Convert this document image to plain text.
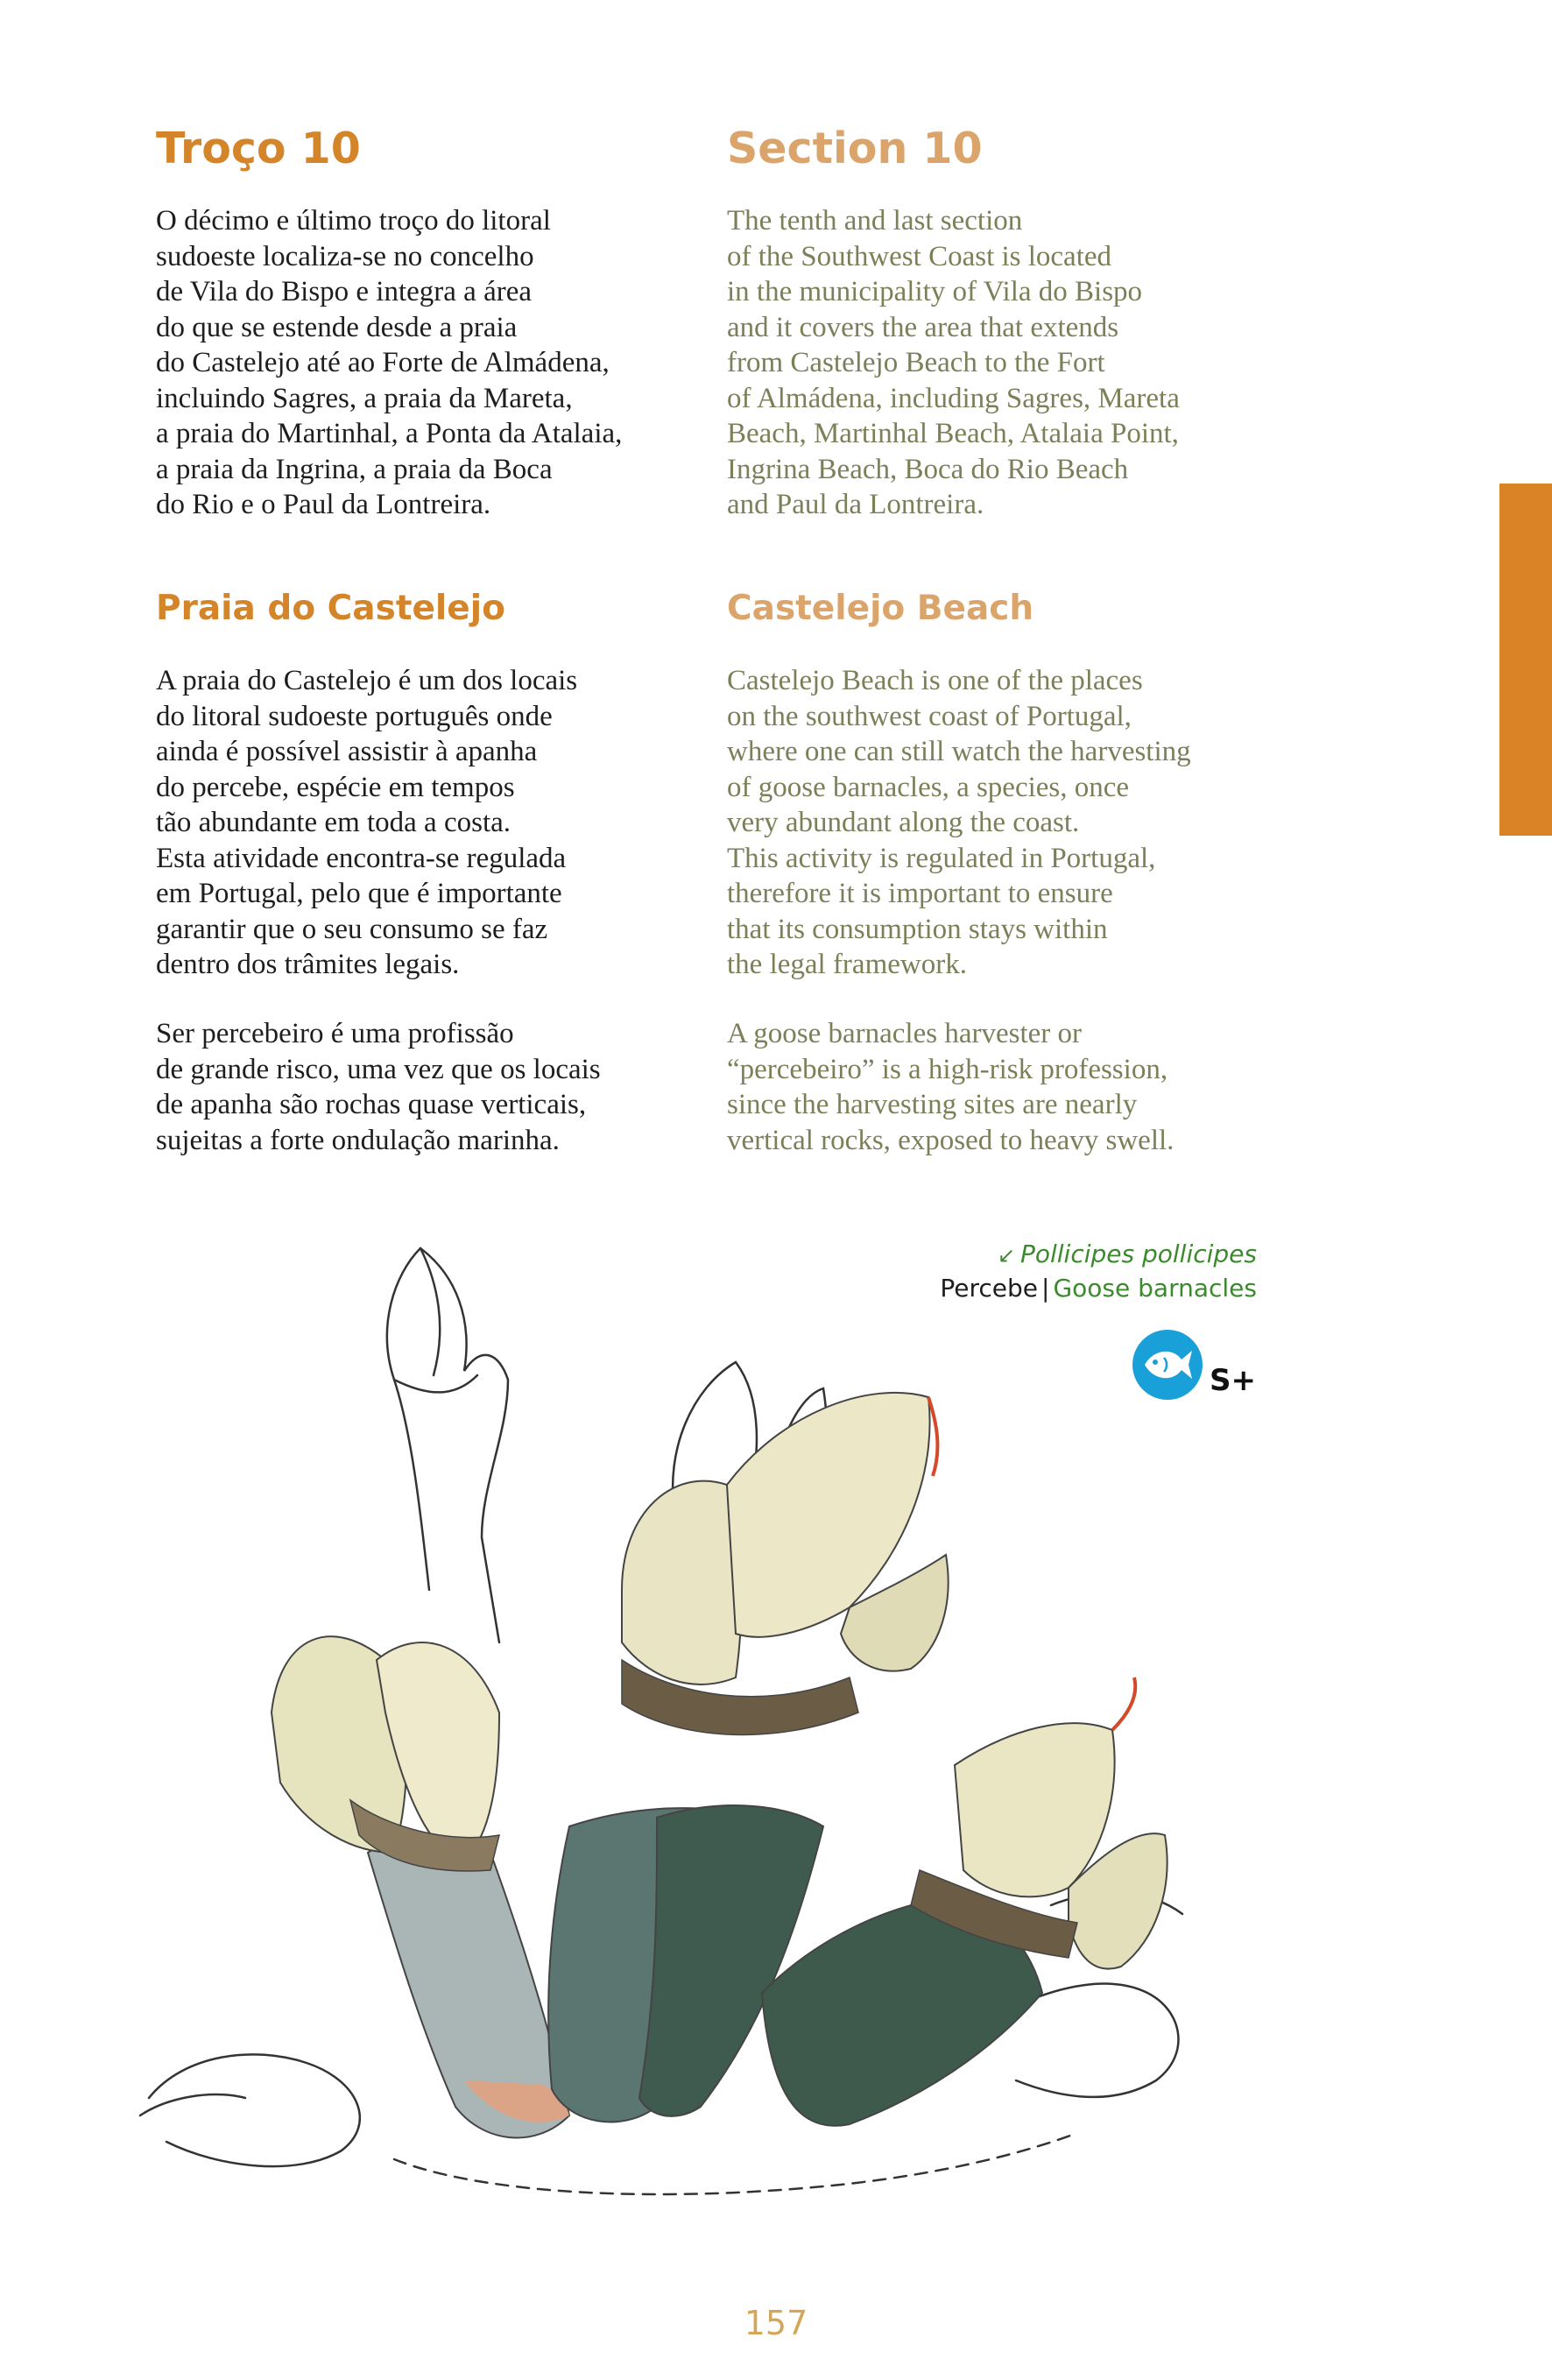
Troço 10

O décimo e último troço do litoral
sudoeste localiza-se no concelho
de Vila do Bispo e integra a área
do que se estende desde a praia
do Castelejo até ao Forte de Almádena,
incluindo Sagres, a praia da Mareta,
a praia do Martinhal, a Ponta da Atalaia,
a praia da Ingrina, a praia da Boca
do Rio e o Paul da Lontreira.

Praia do Castelejo

A praia do Castelejo é um dos locais
do litoral sudoeste português onde
ainda é possível assistir à apanha
do percebe, espécie em tempos
tão abundante em toda a costa.
Esta atividade encontra-se regulada
em Portugal, pelo que é importante
garantir que o seu consumo se faz
dentro dos trâmites legais.

Ser percebeiro é uma profissão
de grande risco, uma vez que os locais
de apanha são rochas quase verticais,
sujeitas a forte ondulação marinha.

Section 10

The tenth and last section
of the Southwest Coast is located
in the municipality of Vila do Bispo
and it covers the area that extends
from Castelejo Beach to the Fort
of Almádena, including Sagres, Mareta
Beach, Martinhal Beach, Atalaia Point,
Ingrina Beach, Boca do Rio Beach
and Paul da Lontreira.

Castelejo Beach

Castelejo Beach is one of the places
on the southwest coast of Portugal,
where one can still watch the harvesting
of goose barnacles, a species, once
very abundant along the coast.
This activity is regulated in Portugal,
therefore it is important to ensure
that its consumption stays within
the legal framework.

A goose barnacles harvester or
“percebeiro” is a high-risk profession,
since the harvesting sites are nearly
vertical rocks, exposed to heavy swell.

↙ Pollicipes pollicipes
Percebe | Goose barnacles
S+
157
